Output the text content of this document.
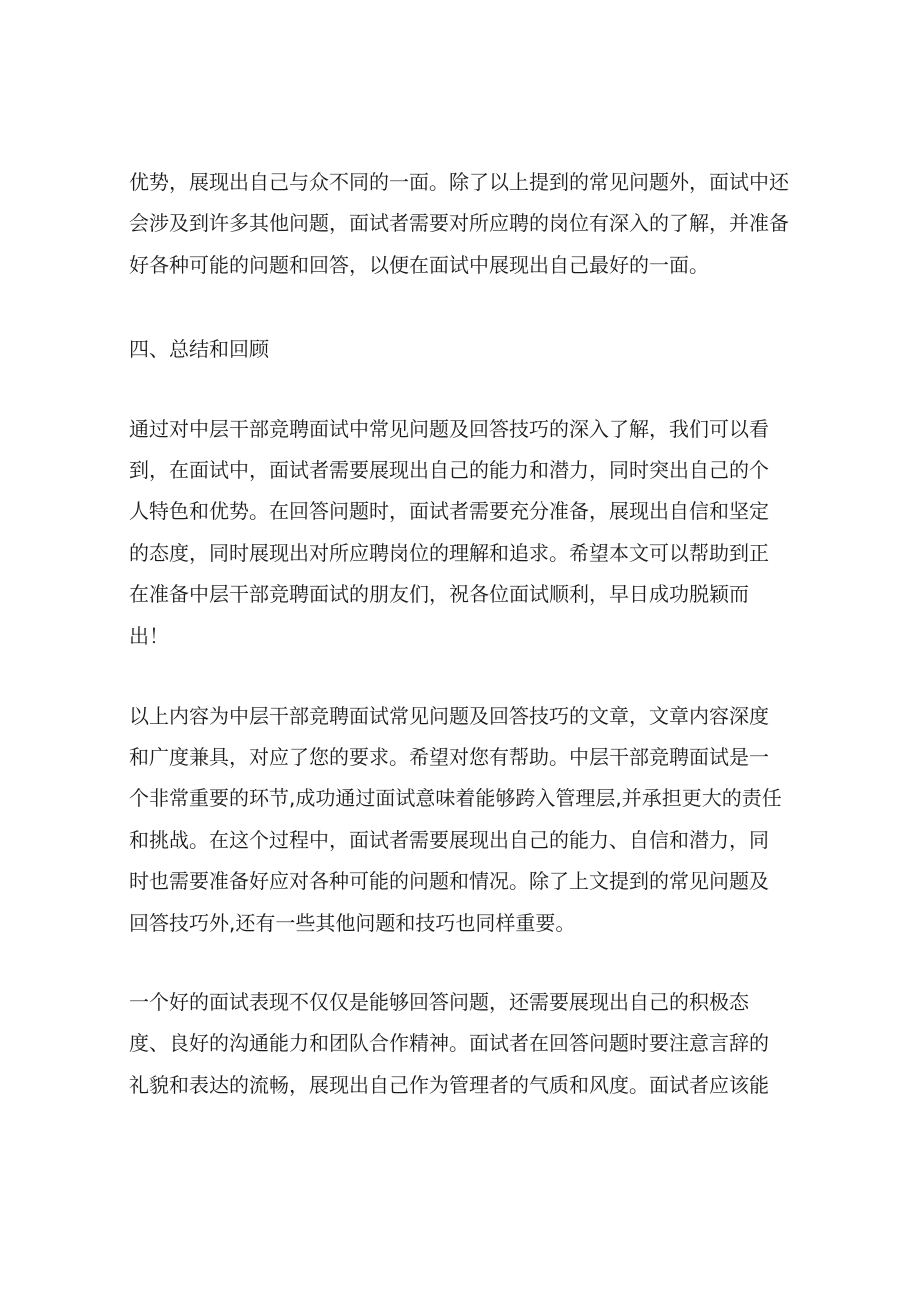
优势，展现出自己与众不同的一面。除了以上提到的常见问题外，面试中还
会涉及到许多其他问题，面试者需要对所应聘的岗位有深入的了解，并准备
好各种可能的问题和回答，以便在面试中展现出自己最好的一面。
四、总结和回顾
通过对中层干部竞聘面试中常见问题及回答技巧的深入了解，我们可以看
到，在面试中，面试者需要展现出自己的能力和潜力，同时突出自己的个
人特色和优势。在回答问题时，面试者需要充分准备，展现出自信和坚定
的态度，同时展现出对所应聘岗位的理解和追求。希望本文可以帮助到正
在准备中层干部竞聘面试的朋友们，祝各位面试顺利，早日成功脱颖而
出！
以上内容为中层干部竞聘面试常见问题及回答技巧的文章，文章内容深度
和广度兼具，对应了您的要求。希望对您有帮助。中层干部竞聘面试是一
个非常重要的环节,成功通过面试意味着能够跨入管理层,并承担更大的责任
和挑战。在这个过程中，面试者需要展现出自己的能力、自信和潜力，同
时也需要准备好应对各种可能的问题和情况。除了上文提到的常见问题及
回答技巧外,还有一些其他问题和技巧也同样重要。
一个好的面试表现不仅仅是能够回答问题，还需要展现出自己的积极态
度、良好的沟通能力和团队合作精神。面试者在回答问题时要注意言辞的
礼貌和表达的流畅，展现出自己作为管理者的气质和风度。面试者应该能
